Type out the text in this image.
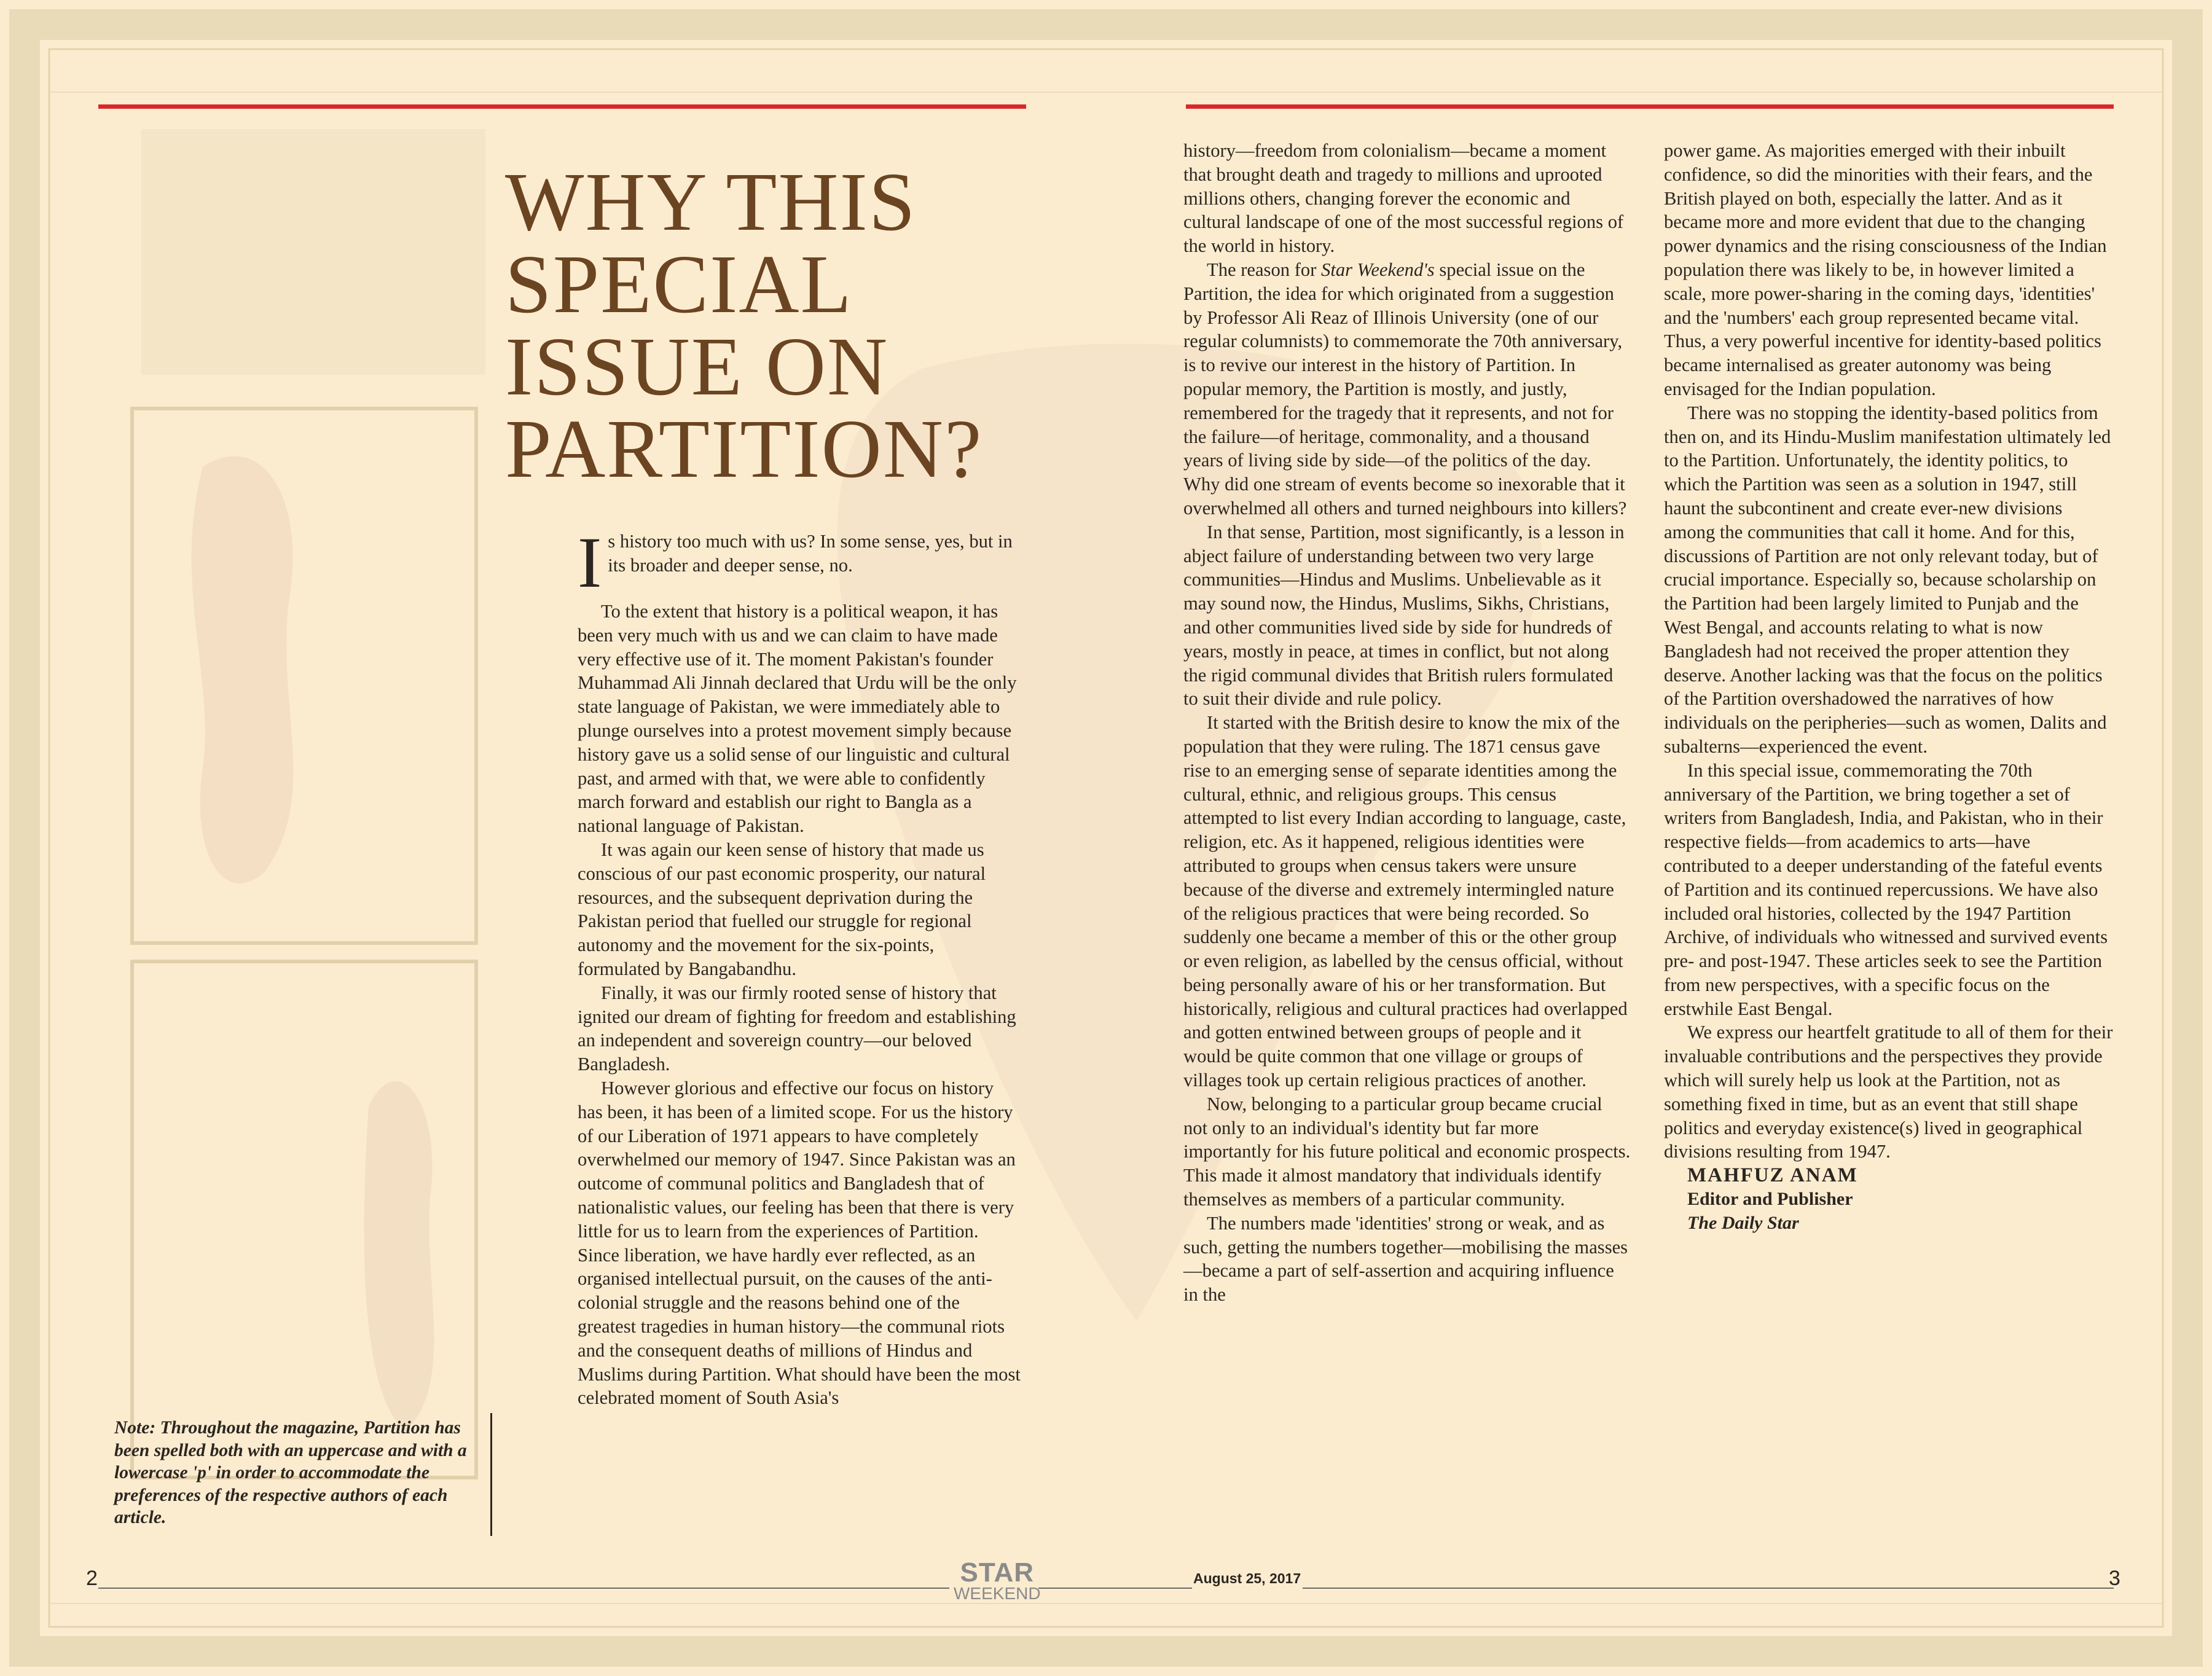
WHY THIS
SPECIAL
ISSUE ON
PARTITION?

Is history too much with us? In some sense, yes, but in its broader and deeper sense, no.

To the extent that history is a political weapon, it has been very much with us and we can claim to have made very effective use of it. The moment Pakistan's founder Muhammad Ali Jinnah declared that Urdu will be the only state language of Pakistan, we were immediately able to plunge ourselves into a protest movement simply because history gave us a solid sense of our linguistic and cultural past, and armed with that, we were able to confidently march forward and establish our right to Bangla as a national language of Pakistan.

It was again our keen sense of history that made us conscious of our past economic prosperity, our natural resources, and the subsequent deprivation during the Pakistan period that fuelled our struggle for regional autonomy and the movement for the six-points, formulated by Bangabandhu.

Finally, it was our firmly rooted sense of history that ignited our dream of fighting for freedom and establishing an independent and sovereign country—our beloved Bangladesh.

However glorious and effective our focus on history has been, it has been of a limited scope. For us the history of our Liberation of 1971 appears to have completely overwhelmed our memory of 1947. Since Pakistan was an outcome of communal politics and Bangladesh that of nationalistic values, our feeling has been that there is very little for us to learn from the experiences of Partition. Since liberation, we have hardly ever reflected, as an organised intellectual pursuit, on the causes of the anti-colonial struggle and the reasons behind one of the greatest tragedies in human history—the communal riots and the consequent deaths of millions of Hindus and Muslims during Partition. What should have been the most celebrated moment of South Asia's

history—freedom from colonialism—became a moment that brought death and tragedy to millions and uprooted millions others, changing forever the economic and cultural landscape of one of the most successful regions of the world in history.

The reason for Star Weekend's special issue on the Partition, the idea for which originated from a suggestion by Professor Ali Reaz of Illinois University (one of our regular columnists) to commemorate the 70th anniversary, is to revive our interest in the history of Partition. In popular memory, the Partition is mostly, and justly, remembered for the tragedy that it represents, and not for the failure—of heritage, commonality, and a thousand years of living side by side—of the politics of the day. Why did one stream of events become so inexorable that it overwhelmed all others and turned neighbours into killers?

In that sense, Partition, most significantly, is a lesson in abject failure of understanding between two very large communities—Hindus and Muslims. Unbelievable as it may sound now, the Hindus, Muslims, Sikhs, Christians, and other communities lived side by side for hundreds of years, mostly in peace, at times in conflict, but not along the rigid communal divides that British rulers formulated to suit their divide and rule policy.

It started with the British desire to know the mix of the population that they were ruling. The 1871 census gave rise to an emerging sense of separate identities among the cultural, ethnic, and religious groups. This census attempted to list every Indian according to language, caste, religion, etc. As it happened, religious identities were attributed to groups when census takers were unsure because of the diverse and extremely intermingled nature of the religious practices that were being recorded. So suddenly one became a member of this or the other group or even religion, as labelled by the census official, without being personally aware of his or her transformation. But historically, religious and cultural practices had overlapped and gotten entwined between groups of people and it would be quite common that one village or groups of villages took up certain religious practices of another.

Now, belonging to a particular group became crucial not only to an individual's identity but far more importantly for his future political and economic prospects. This made it almost mandatory that individuals identify themselves as members of a particular community.

The numbers made 'identities' strong or weak, and as such, getting the numbers together—mobilising the masses—became a part of self-assertion and acquiring influence in the

power game. As majorities emerged with their inbuilt confidence, so did the minorities with their fears, and the British played on both, especially the latter. And as it became more and more evident that due to the changing power dynamics and the rising consciousness of the Indian population there was likely to be, in however limited a scale, more power-sharing in the coming days, 'identities' and the 'numbers' each group represented became vital. Thus, a very powerful incentive for identity-based politics became internalised as greater autonomy was being envisaged for the Indian population.

There was no stopping the identity-based politics from then on, and its Hindu-Muslim manifestation ultimately led to the Partition. Unfortunately, the identity politics, to which the Partition was seen as a solution in 1947, still haunt the subcontinent and create ever-new divisions among the communities that call it home. And for this, discussions of Partition are not only relevant today, but of crucial importance. Especially so, because scholarship on the Partition had been largely limited to Punjab and the West Bengal, and accounts relating to what is now Bangladesh had not received the proper attention they deserve. Another lacking was that the focus on the politics of the Partition overshadowed the narratives of how individuals on the peripheries—such as women, Dalits and subalterns—experienced the event.

In this special issue, commemorating the 70th anniversary of the Partition, we bring together a set of writers from Bangladesh, India, and Pakistan, who in their respective fields—from academics to arts—have contributed to a deeper understanding of the fateful events of Partition and its continued repercussions. We have also included oral histories, collected by the 1947 Partition Archive, of individuals who witnessed and survived events pre- and post-1947. These articles seek to see the Partition from new perspectives, with a specific focus on the erstwhile East Bengal.

We express our heartfelt gratitude to all of them for their invaluable contributions and the perspectives they provide which will surely help us look at the Partition, not as something fixed in time, but as an event that still shape politics and everyday existence(s) lived in geographical divisions resulting from 1947.

MAHFUZ ANAM
Editor and Publisher
The Daily Star

Note: Throughout the magazine, Partition has been spelled both with an uppercase and with a lowercase 'p' in order to accommodate the preferences of the respective authors of each article.
2	3
STAR
WEEKEND
August 25, 2017
